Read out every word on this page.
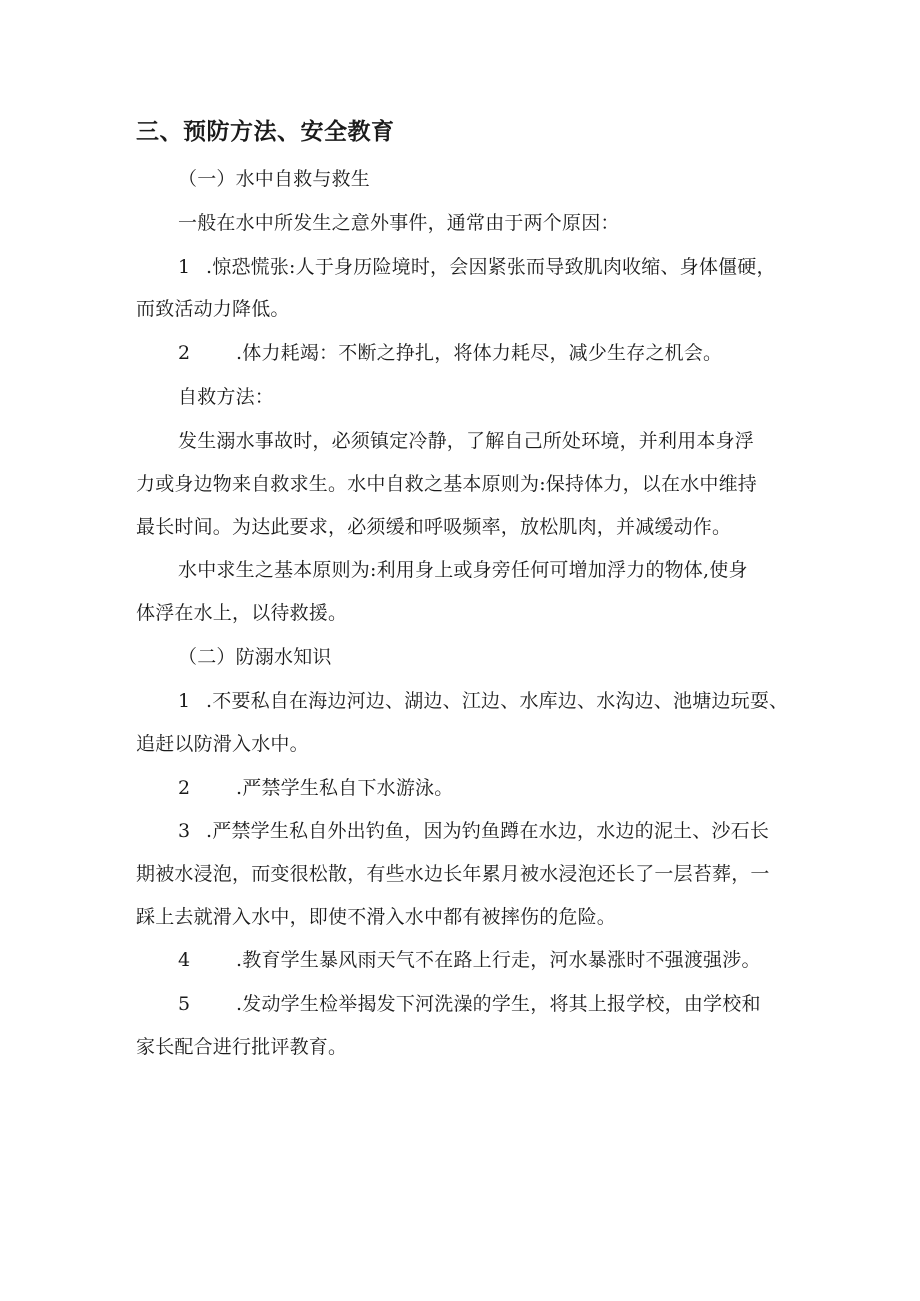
三、预防方法、安全教育

（一）水中自救与救生

一般在水中所发生之意外事件，通常由于两个原因：

1 .惊恐慌张:人于身历险境时，会因紧张而导致肌肉收缩、身体僵硬，

而致活动力降低。

2 .体力耗竭：不断之挣扎，将体力耗尽，减少生存之机会。

自救方法：

发生溺水事故时，必须镇定冷静，了解自己所处环境，并利用本身浮

力或身边物来自救求生。水中自救之基本原则为:保持体力，以在水中维持

最长时间。为达此要求，必须缓和呼吸频率，放松肌肉，并减缓动作。

水中求生之基本原则为:利用身上或身旁任何可增加浮力的物体,使身

体浮在水上，以待救援。

（二）防溺水知识

1 .不要私自在海边河边、湖边、江边、水库边、水沟边、池塘边玩耍、

追赶以防滑入水中。

2 .严禁学生私自下水游泳。

3 .严禁学生私自外出钓鱼，因为钓鱼蹲在水边，水边的泥土、沙石长

期被水浸泡，而变很松散，有些水边长年累月被水浸泡还长了一层苔葬，一

踩上去就滑入水中，即使不滑入水中都有被摔伤的危险。

4 .教育学生暴风雨天气不在路上行走，河水暴涨时不强渡强涉。

5 .发动学生检举揭发下河洗澡的学生，将其上报学校，由学校和

家长配合进行批评教育。
